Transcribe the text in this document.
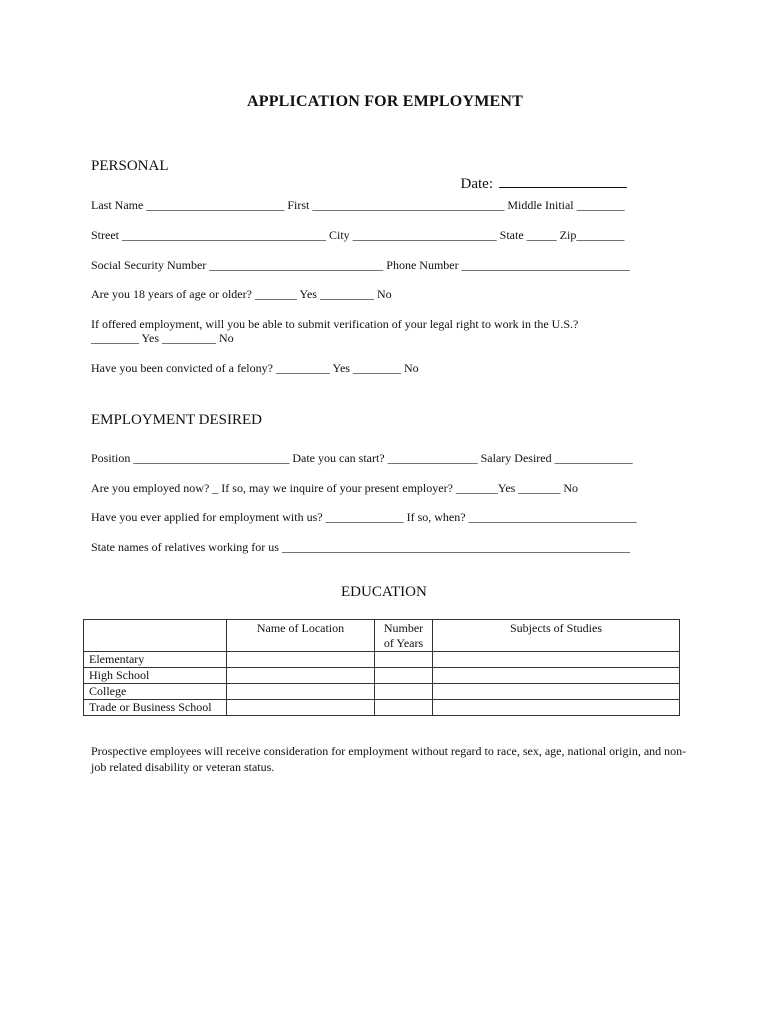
APPLICATION FOR EMPLOYMENT
PERSONAL

Date:

Last Name _______________________ First ________________________________ Middle Initial ________
Street __________________________________ City ________________________ State _____ Zip________
Social Security Number _____________________________ Phone Number ____________________________
Are you 18 years of age or older? _______ Yes _________ No
If offered employment, will you be able to submit verification of your legal right to work in the U.S.?
________ Yes _________ No
Have you been convicted of a felony? _________ Yes ________ No
EMPLOYMENT DESIRED
Position __________________________ Date you can start? _______________ Salary Desired _____________
Are you employed now? _ If so, may we inquire of your present employer? _______Yes _______ No
Have you ever applied for employment with us? _____________ If so, when? ____________________________
State names of relatives working for us __________________________________________________________
EDUCATION
	Name of Location	Number
of Years	Subjects of Studies
Elementary			
High School			
College			
Trade or Business School			
Prospective employees will receive consideration for employment without regard to race, sex, age, national origin, and non-job related disability or veteran status.
